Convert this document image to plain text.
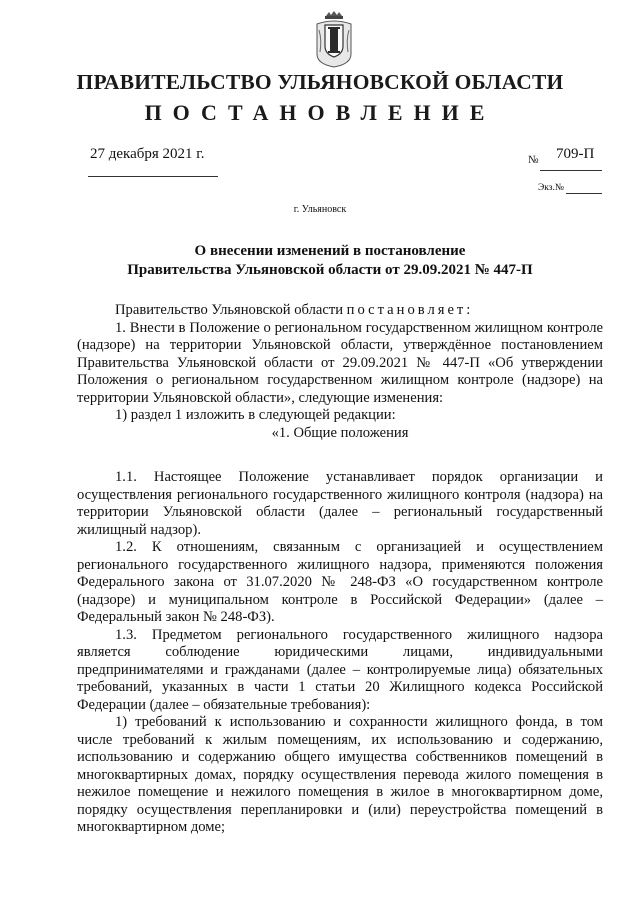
ПРАВИТЕЛЬСТВО УЛЬЯНОВСКОЙ ОБЛАСТИ
ПОСТАНОВЛЕНИЕ
27 декабря 2021 г.	№ 709-П
Экз.№
г. Ульяновск
О внесении изменений в постановление
Правительства Ульяновской области от 29.09.2021 № 447-П

Правительство Ульяновской области постановляет:

1. Внести в Положение о региональном государственном жилищном контроле (надзоре) на территории Ульяновской области, утверждённое постановлением Правительства Ульяновской области от 29.09.2021 № 447-П «Об утверждении Положения о региональном государственном жилищном контроле (надзоре) на территории Ульяновской области», следующие изменения:

1) раздел 1 изложить в следующей редакции:

«1. Общие положения

1.1. Настоящее Положение устанавливает порядок организации и осуществления регионального государственного жилищного контроля (надзора) на территории Ульяновской области (далее – региональный государственный жилищный надзор).

1.2. К отношениям, связанным с организацией и осуществлением регионального государственного жилищного надзора, применяются положения Федерального закона от 31.07.2020 № 248-ФЗ «О государственном контроле (надзоре) и муниципальном контроле в Российской Федерации» (далее – Федеральный закон № 248-ФЗ).

1.3. Предметом регионального государственного жилищного надзора является соблюдение юридическими лицами, индивидуальными предпринимателями и гражданами (далее – контролируемые лица) обязательных требований, указанных в части 1 статьи 20 Жилищного кодекса Российской Федерации (далее – обязательные требования):

1) требований к использованию и сохранности жилищного фонда, в том числе требований к жилым помещениям, их использованию и содержанию, использованию и содержанию общего имущества собственников помещений в многоквартирных домах, порядку осуществления перевода жилого помещения в нежилое помещение и нежилого помещения в жилое в многоквартирном доме, порядку осуществления перепланировки и (или) переустройства помещений в многоквартирном доме;
